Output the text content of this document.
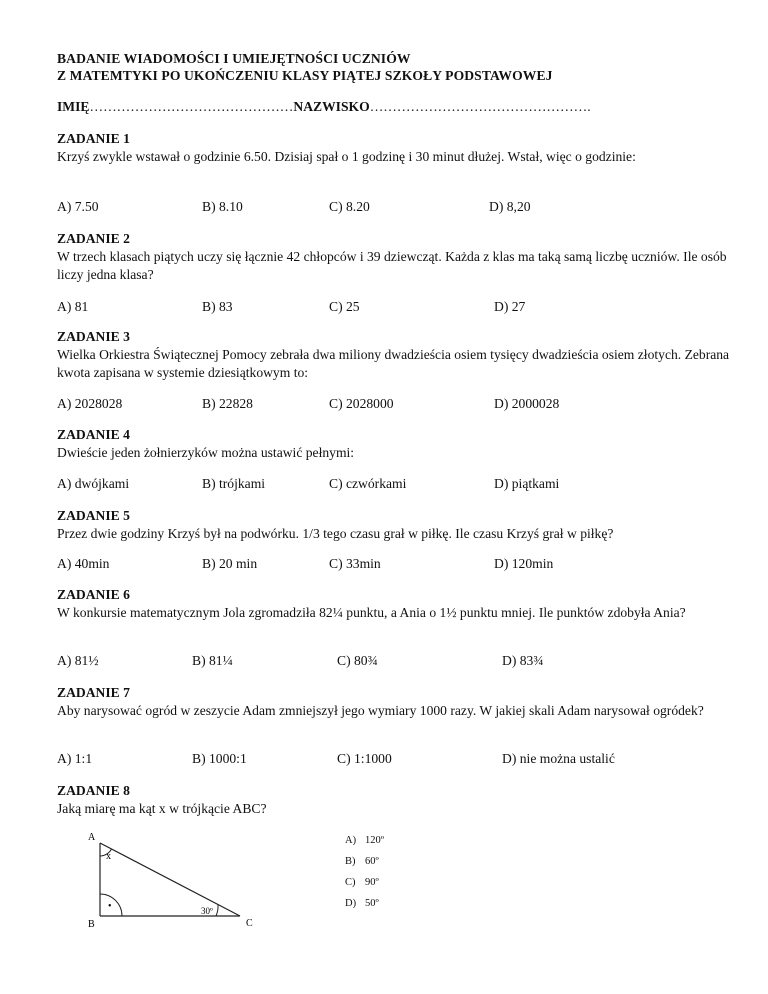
BADANIE WIADOMOŚCI I UMIEJĘTNOŚCI UCZNIÓW
Z MATEMTYKI PO UKOŃCZENIU KLASY PIĄTEJ SZKOŁY PODSTAWOWEJ
IMIĘ………………………………………NAZWISKO………………………………………….
ZADANIE 1
Krzyś zwykle wstawał o godzinie 6.50. Dzisiaj spał o 1 godzinę i 30 minut dłużej. Wstał, więc o godzinie:
A) 7.50	B) 8.10	C) 8.20	D) 8,20
ZADANIE 2
W trzech klasach piątych uczy się łącznie 42 chłopców i 39 dziewcząt. Każda z klas ma taką samą liczbę uczniów. Ile osób liczy jedna klasa?
A) 81	B) 83	C) 25	D) 27
ZADANIE 3
Wielka Orkiestra Świątecznej Pomocy zebrała dwa miliony dwadzieścia osiem tysięcy dwadzieścia osiem złotych. Zebrana kwota zapisana w systemie dziesiątkowym to:
A) 2028028	B) 22828	C) 2028000	D) 2000028
ZADANIE 4
Dwieście jeden żołnierzyków można ustawić pełnymi:
A) dwójkami	B) trójkami	C) czwórkami	D) piątkami
ZADANIE 5
Przez dwie godziny Krzyś był na podwórku. 1/3 tego czasu grał w piłkę. Ile czasu Krzyś grał w piłkę?
A) 40min	B) 20 min	C) 33min	D) 120min
ZADANIE 6
W konkursie matematycznym Jola zgromadziła 82¼ punktu, a Ania o 1½ punktu mniej. Ile punktów zdobyła Ania?
A) 81½	B) 81¼	C) 80¾	D) 83¾
ZADANIE 7
Aby narysować ogród w zeszycie Adam zmniejszył jego wymiary 1000 razy. W jakiej skali Adam narysował ogródek?
A) 1:1	B) 1000:1	C) 1:1000	D) nie można ustalić
ZADANIE 8
Jaką miarę ma kąt x w trójkącie ABC?
A
B	C
x
30º
•
A) 120º
B) 60º
C) 90º
D) 50º
